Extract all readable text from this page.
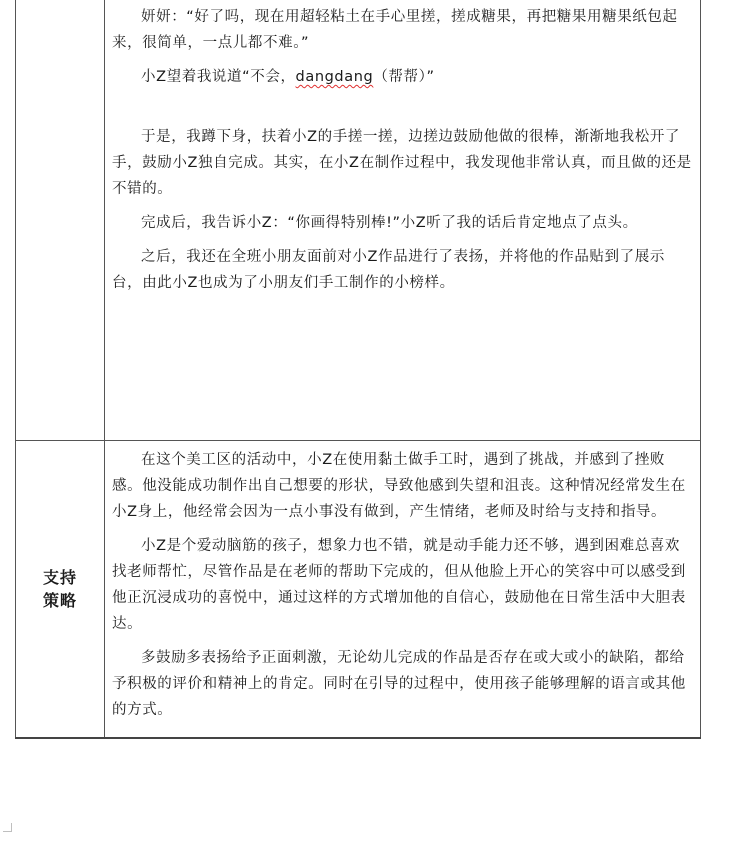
	妍妍：“好了吗，现在用超轻粘土在手心里搓，搓成糖果，再把糖果用糖果纸包起来，很简单，一点儿都不难。”

小Z望着我说道“不会，dangdang（帮帮）”

于是，我蹲下身，扶着小Z的手搓一搓，边搓边鼓励他做的很棒，渐渐地我松开了手，鼓励小Z独自完成。其实，在小Z在制作过程中，我发现他非常认真，而且做的还是不错的。

完成后，我告诉小Z：“你画得特别棒!”小Z听了我的话后肯定地点了点头。

之后，我还在全班小朋友面前对小Z作品进行了表扬，并将他的作品贴到了展示台，由此小Z也成为了小朋友们手工制作的小榜样。

支持策略	在这个美工区的活动中，小Z在使用黏土做手工时，遇到了挑战，并感到了挫败感。他没能成功制作出自己想要的形状，导致他感到失望和沮丧。这种情况经常发生在小Z身上，他经常会因为一点小事没有做到，产生情绪，老师及时给与支持和指导。

小Z是个爱动脑筋的孩子，想象力也不错，就是动手能力还不够，遇到困难总喜欢找老师帮忙，尽管作品是在老师的帮助下完成的，但从他脸上开心的笑容中可以感受到他正沉浸成功的喜悦中，通过这样的方式增加他的自信心，鼓励他在日常生活中大胆表达。

多鼓励多表扬给予正面刺激，无论幼儿完成的作品是否存在或大或小的缺陷，都给予积极的评价和精神上的肯定。同时在引导的过程中，使用孩子能够理解的语言或其他的方式。
